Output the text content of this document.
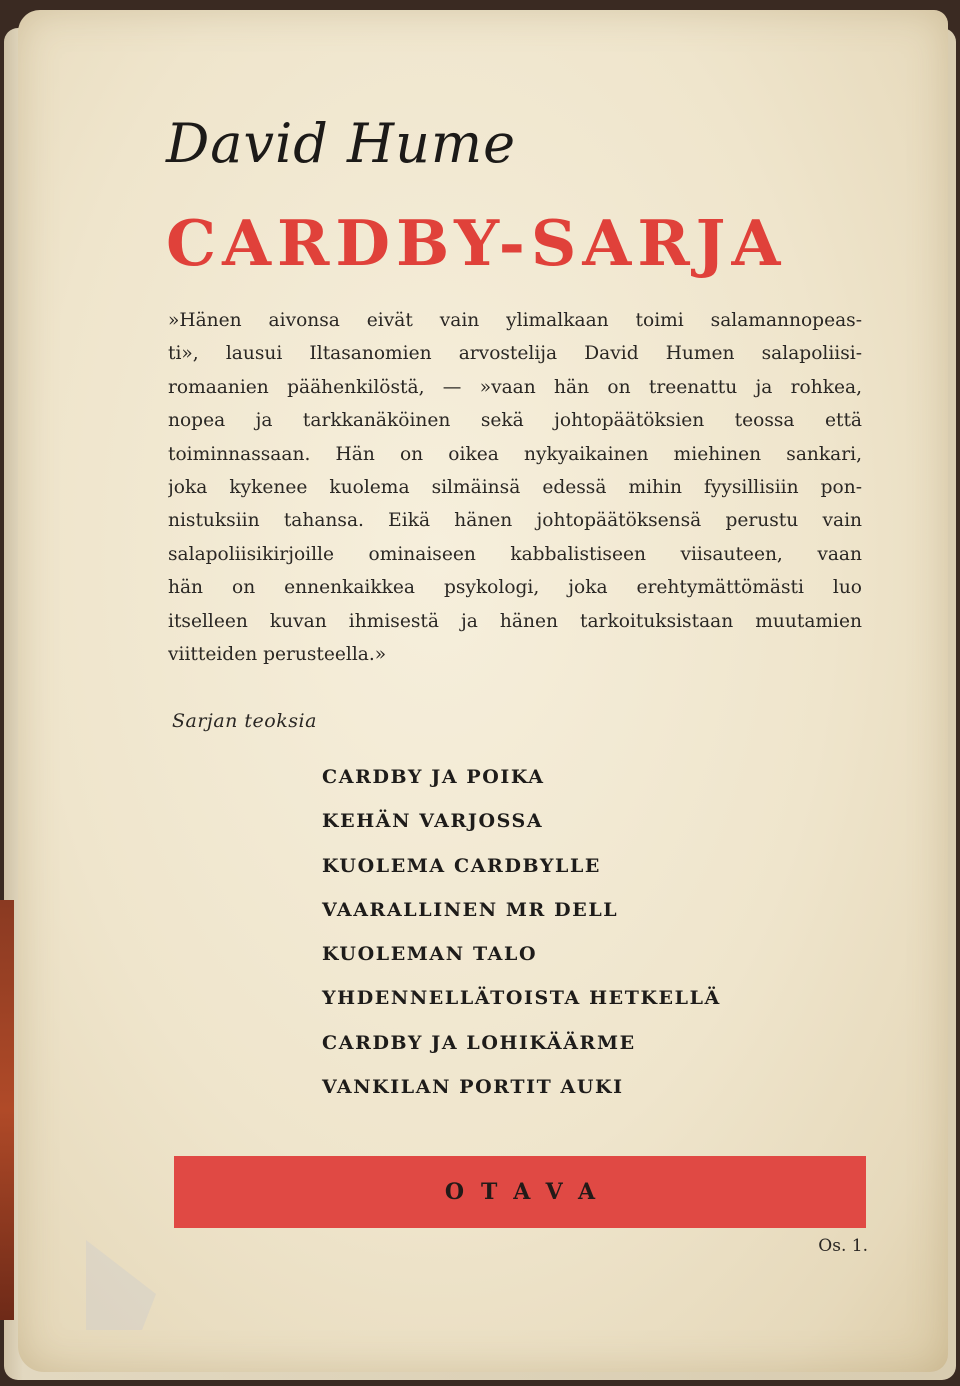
David Hume
CARDBY-SARJA
»Hänen aivonsa eivät vain ylimalkaan toimi salamannopeas-
ti», lausui Iltasanomien arvostelija David Humen salapoliisi-
romaanien päähenkilöstä, — »vaan hän on treenattu ja rohkea,
nopea ja tarkkanäköinen sekä johtopäätöksien teossa että
toiminnassaan. Hän on oikea nykyaikainen miehinen sankari,
joka kykenee kuolema silmäinsä edessä mihin fyysillisiin pon-
nistuksiin tahansa. Eikä hänen johtopäätöksensä perustu vain
salapoliisikirjoille ominaiseen kabbalistiseen viisauteen, vaan
hän on ennenkaikkea psykologi, joka erehtymättömästi luo
itselleen kuvan ihmisestä ja hänen tarkoituksistaan muutamien
viitteiden perusteella.»
Sarjan teoksia
CARDBY JA POIKA
KEHÄN VARJOSSA
KUOLEMA CARDBYLLE
VAARALLINEN MR DELL
KUOLEMAN TALO
YHDENNELLÄTOISTA HETKELLÄ
CARDBY JA LOHIKÄÄRME
VANKILAN PORTIT AUKI
OTAVA
Os. 1.
